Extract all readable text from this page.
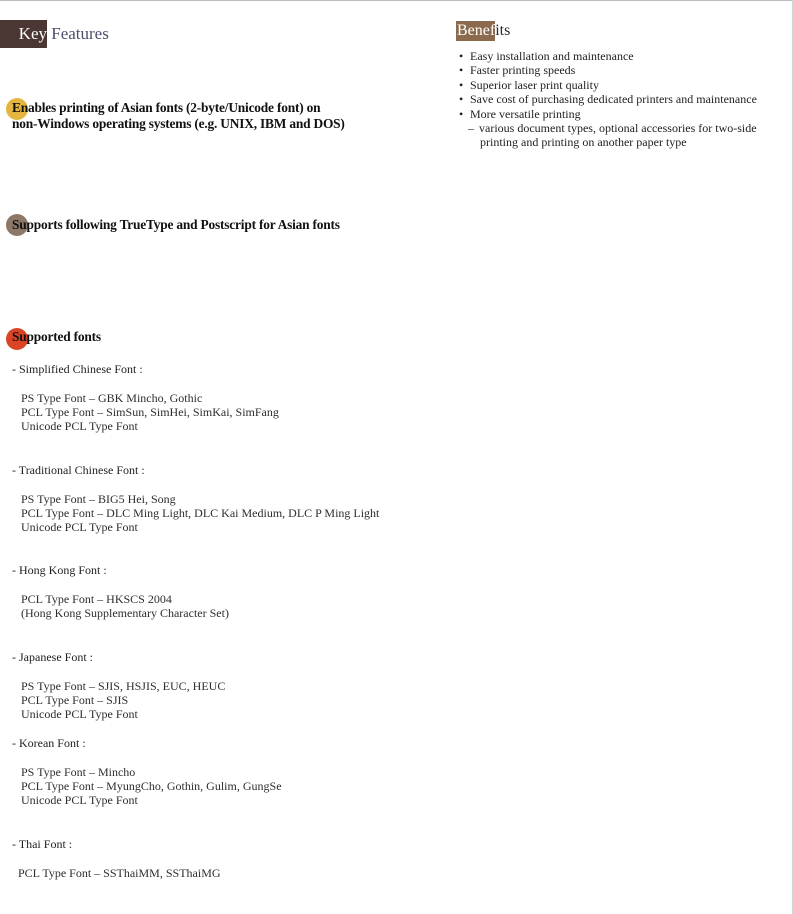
Key Features	Benef its
• Easy installation and maintenance
• Faster printing speeds
• Superior laser print quality
• Save cost of purchasing dedicated printers and maintenance
• More versatile printing
– various document types, optional accessories for two-side
printing and printing on another paper type
Enables printing of Asian fonts (2-byte/Unicode font) on
non-Windows operating systems (e.g. UNIX, IBM and DOS)
Supports following TrueType and Postscript for Asian fonts
Supported fonts
- Simplified Chinese Font :
PS Type Font – GBK Mincho, Gothic
PCL Type Font – SimSun, SimHei, SimKai, SimFang
Unicode PCL Type Font
- Traditional Chinese Font :
PS Type Font – BIG5 Hei, Song
PCL Type Font – DLC Ming Light, DLC Kai Medium, DLC P Ming Light
Unicode PCL Type Font
- Hong Kong Font :
PCL Type Font – HKSCS 2004
(Hong Kong Supplementary Character Set)
- Japanese Font :
PS Type Font – SJIS, HSJIS, EUC, HEUC
PCL Type Font – SJIS
Unicode PCL Type Font
- Korean Font :
PS Type Font – Mincho
PCL Type Font – MyungCho, Gothin, Gulim, GungSe
Unicode PCL Type Font
- Thai Font :
PCL Type Font – SSThaiMM, SSThaiMG
